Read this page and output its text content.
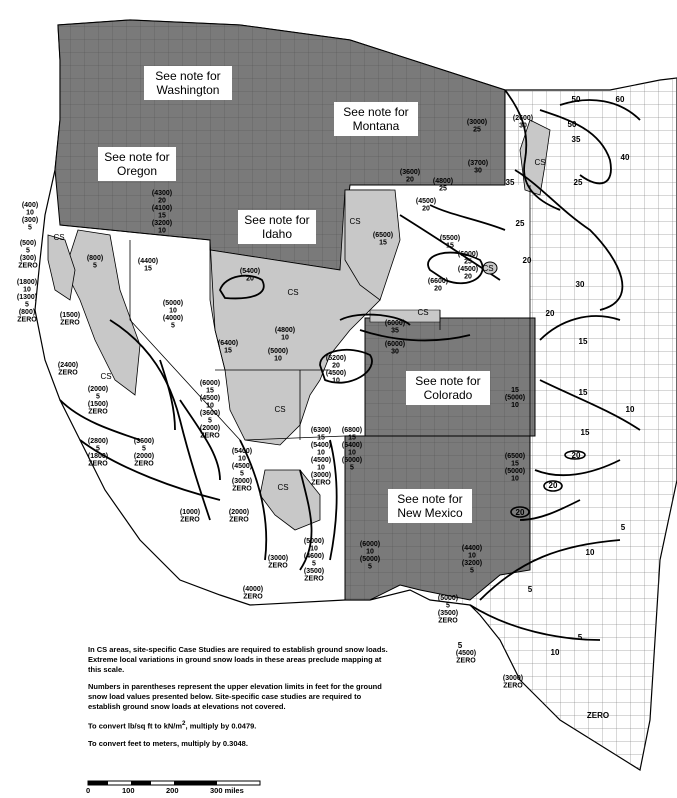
CS
CS
CS
CS
CS
CS
CS
CS
CS
50	60
50
35
40
25
35
20
30
25
15
20
15
10
15
20
20
20
10
5
5
5
10
5
ZERO
(3000) 25
(2600) 30
(3700) 30
(3600) 20	(4800) 25
(4500) 20
(6500) 15
(5500) 15
(6600) 20
(6000) 25 (4500) 20
(4300) 20 (4100) 15 (3200) 10
(4400) 15	(5400) 20
(800) 5
(400) 10 (300) 5
(500) 5 (300) ZERO
(1800) 10 (1300) 5 (800) ZERO
(1500) ZERO
(5000) 10 (4000) 5
(4800) 10
(6400) 15	(5000) 10
(6000) 35
(6000) 30
(5200) 20 (4500) 10
(2400) ZERO
(2000) 5 (1500) ZERO
(6000) 15 (4500) 10 (3600) 5 (2000) ZERO
(2800) 5 (1800) ZERO
(3600) 5 (2000) ZERO
(5400) 10 (4500) 5 (3000) ZERO
(6300) 15 (5400) 10 (4500) 10 (3000) ZERO
(6800) 15 (6400) 10 (5000) 5
(1000) ZERO
(2000) ZERO
(5000) 10 (4600) 5 (3500) ZERO
(3000) ZERO
(4000) ZERO
(6000) 10 (5000) 5
15 (5000) 10
(6500) 15 (5000) 10
(4400) 10 (3200) 5
(5000) 5 (3500) ZERO
(4500) ZERO
(3000) ZERO
See note for Washington
See note for Montana
See note for Oregon
See note for Idaho
See note for Colorado
See note for New Mexico

In CS areas, site-specific Case Studies are required to establish ground snow loads. Extreme local variations in ground snow loads in these areas preclude mapping at this scale.

Numbers in parentheses represent the upper elevation limits in feet for the ground snow load values presented below. Site-specific case studies are required to establish ground snow loads at elevations not covered.

To convert lb/sq ft to $kN/m^2$, multiply by 0.0479.

To convert feet to meters, multiply by 0.3048.

0	100	200	300 miles
